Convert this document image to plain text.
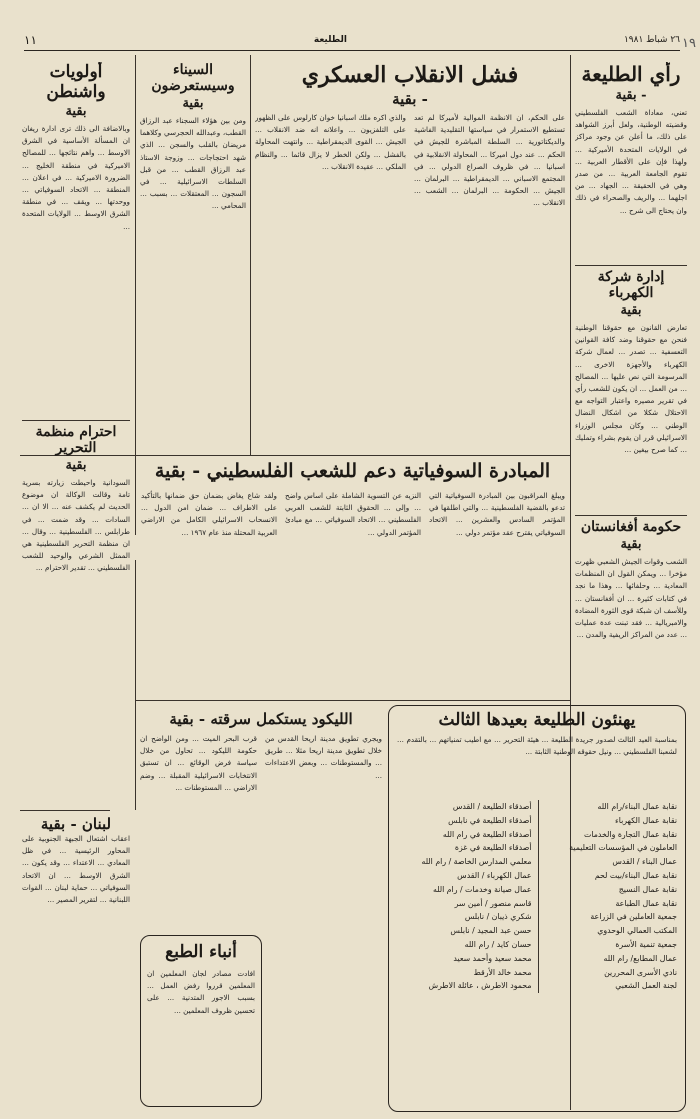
٢٦ شباط ١٩٨١
الطليعة
١١	١٩
رأي الطليعة
- بقية
تعني، معاداة الشعب الفلسطيني وقضيته الوطنية، ولعل أبرز الشواهد على ذلك، ما أعلن عن وجود مراكز في الولايات المتحدة الأميركية ... ولهذا فإن على الأقطار العربية ... تقوم الجامعة العربية ... من صدر وهي في الحقيقة ... الجهاد ... من اجلهما ... والريف والصحراء في ذلك وان يحتاج الى شرح ...
إدارة شركة الكهرباء
بقية
تعارض القانون مع حقوقنا الوطنية فنحن مع حقوقنا وضد كافة القوانين التعسفية ... تصدر ... لعمال شركة الكهرباء والأجهزة الاخرى ... المرسومة التي نص عليها ... المصالح ... من العمل ... ان يكون للشعب رأي في تقرير مصيره واعتبار التواجه مع الاحتلال شكلا من اشكال النضال الوطني ... وكان مجلس الوزراء الاسرائيلي قرر ان يقوم بشراء وتمليك ... كما صرح بيغين ...
حكومة أفغانستان
بقية
الشعب وقوات الجيش الشعبي ظهرت مؤخرا ... ويمكن القول ان المنظمات المعادية ... وحلفائها ... وهذا ما نجد في كتابات كثيرة ... ان أفغانستان ... وللأسف ان شبكة قوى الثورة المضادة والامبريالية ... فقد تبنت عدة عمليات ... عدد من المراكز الريفية والمدن ...
فشل الانقلاب العسكري
- بقية
على الحكم، ان الانظمة الموالية لأميركا لم تعد تستطيع الاستمرار في سياستها التقليدية الفاشية والديكتاتورية ... السلطة المباشرة للجيش في الحكم ... عند دول اميركا ... المحاولة الانقلابية في اسبانيا ... في ظروف الصراع الدولي ... في المجتمع الاسباني ... الديمقراطية ... البرلمان ... الجيش ... الحكومة ... البرلمان ... الشعب ... الانقلاب ...
والذي اكره ملك اسبانيا خوان كارلوس على الظهور على التلفزيون ... واعلانه انه ضد الانقلاب ... الجيش ... القوى الديمقراطية ... وانتهت المحاولة بالفشل ... ولكن الخطر لا يزال قائما ... والنظام الملكي ... عقيدة الانقلاب ...
السيناء وسيستعرضون
بقية
ومن بين هؤلاء السجناء عبد الرزاق القطب، وعبدالله الحجرسي وكلاهما مريضان بالقلب والسجن ... الذي شهد احتجاجات ... وزوجة الاستاذ عبد الرزاق القطب ... من قبل السلطات الاسرائيلية ... في السجون ... المعتقلات ... بسبب ... المحامي ...
أولويات واشنطن
بقية
وبالاضافة الى ذلك ترى ادارة ريغان ان المسألة الأساسية في الشرق الاوسط ... واهم نتائجها ... للمصالح الاميركية في منطقة الخليج ... الضرورة الاميركية ... في اعلان ... المنطقة ... الاتحاد السوفياتي ... ووحدتها ... ويقف ... في منطقة الشرق الاوسط ... الولايات المتحدة ...
احترام منظمة التحرير
بقية
السودانية واحيطت زيارته بسرية تامة وقالت الوكالة ان موضوع الحديث لم يكشف عنه ... الا ان ... السادات ... وقد ضمت ... في طرابلس ... الفلسطينية ... وقال ... ان منظمة التحرير الفلسطينية هي الممثل الشرعي والوحيد للشعب الفلسطيني ... تقدير الاحترام ...
المبادرة السوفياتية دعم للشعب الفلسطيني - بقية
ويبلغ المراقبون بين المبادرة السوفياتية التي تدعو بالقضية الفلسطينية ... والتي اطلقها في المؤتمر السادس والعشرين ... الاتحاد السوفياتي يقترح عقد مؤتمر دولي ...
النزيه عن التسوية الشاملة على اساس واضح ... وإلى ... الحقوق الثابتة للشعب العربي الفلسطيني ... الاتحاد السوفياتي ... مع مبادئ المؤتمر الدولي ...
ولقد شاع يغاض بضمان حق ضمانها بالتأكيد على الاطراف ... ضمان امن الدول ... الانسحاب الاسرائيلي الكامل من الاراضي العربية المحتلة منذ عام ١٩٦٧ ...
يهنئون الطليعة بعيدها الثالث
بمناسبة العيد الثالث لصدور جريدة الطليعة ... هيئة التحرير ... مع اطيب تمنياتهم ... بالتقدم ... لشعبنا الفلسطيني ... ونيل حقوقه الوطنية الثابتة ...
نقابة عمال البناء/رام الله
نقابة عمال الكهرباء
نقابة عمال التجارة والخدمات
العاملون في المؤسسات التعليمية
عمال البناء / القدس
نقابة عمال البناء/بيت لحم
نقابة عمال النسيج
نقابة عمال الطباعة
جمعية العاملين في الزراعة
المكتب العمالي الوحدوي
جمعية تنمية الأسرة
عمال المطابع/ رام الله
نادي الأسرى المحررين
لجنة العمل الشعبي
أصدقاء الطليعة / القدس
أصدقاء الطليعة في نابلس
أصدقاء الطليعة في رام الله
أصدقاء الطليعة في غزة
معلمي المدارس الخاصة / رام الله
عمال الكهرباء / القدس
عمال صيانة وخدمات / رام الله
قاسم منصور / أمين سر
شكري ذيبان / نابلس
حسن عبد المجيد / نابلس
حسان كايد / رام الله
محمد سعيد وأحمد سعيد
محمد خالد الأرقط
محمود الاطرش ، عائلة الاطرش
الليكود يستكمل سرقته - بقية
ويجري تطويق مدينة اريحا القدس من خلال تطويق مدينة اريحا مثلا ... طريق ... والمستوطنات ... وبعض الاعتداءات ...
قرب البحر الميت ... ومن الواضح ان حكومة الليكود ... تحاول من خلال سياسة فرض الوقائع ... ان تستبق الانتخابات الاسرائيلية المقبلة ... وضم الاراضي ... المستوطنات ...
أنباء الطبع
افادت مصادر لجان المعلمين ان المعلمين قرروا رفض العمل ... بسبب الاجور المتدنية ... على تحسين ظروف المعلمين ...
لبنان - بقية
اعقاب اشتعال الجبهة الجنوبية على المحاور الرئيسية ... في ظل المعادي ... الاعتداء ... وقد يكون ... الشرق الاوسط ... ان الاتحاد السوفياتي ... حماية لبنان ... القوات اللبنانية ... لتقرير المصير ...
